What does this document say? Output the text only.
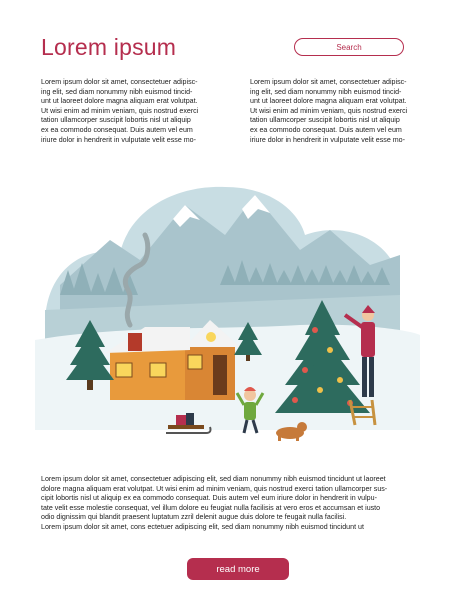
Lorem ipsum	Search
Lorem ipsum dolor sit amet, consectetuer adipisc-
ing elit, sed diam nonummy nibh euismod tincid-
unt ut laoreet dolore magna aliquam erat volutpat.
Ut wisi enim ad minim veniam, quis nostrud exerci
tation ullamcorper suscipit lobortis nisl ut aliquip
ex ea commodo consequat. Duis autem vel eum
iriure dolor in hendrerit in vulputate velit esse mo-
Lorem ipsum dolor sit amet, consectetuer adipisc-
ing elit, sed diam nonummy nibh euismod tincid-
unt ut laoreet dolore magna aliquam erat volutpat.
Ut wisi enim ad minim veniam, quis nostrud exerci
tation ullamcorper suscipit lobortis nisl ut aliquip
ex ea commodo consequat. Duis autem vel eum
iriure dolor in hendrerit in vulputate velit esse mo-
Lorem ipsum dolor sit amet, consectetuer adipiscing elit, sed diam nonummy nibh euismod tincidunt ut laoreet
dolore magna aliquam erat volutpat. Ut wisi enim ad minim veniam, quis nostrud exerci tation ullamcorper sus-
cipit lobortis nisl ut aliquip ex ea commodo consequat. Duis autem vel eum iriure dolor in hendrerit in vulpu-
tate velit esse molestie consequat, vel illum dolore eu feugiat nulla facilisis at vero eros et accumsan et iusto
odio dignissim qui blandit praesent luptatum zzril delenit augue duis dolore te feugait nulla facilisi.
Lorem ipsum dolor sit amet, cons ectetuer adipiscing elit, sed diam nonummy nibh euismod tincidunt ut
read more
